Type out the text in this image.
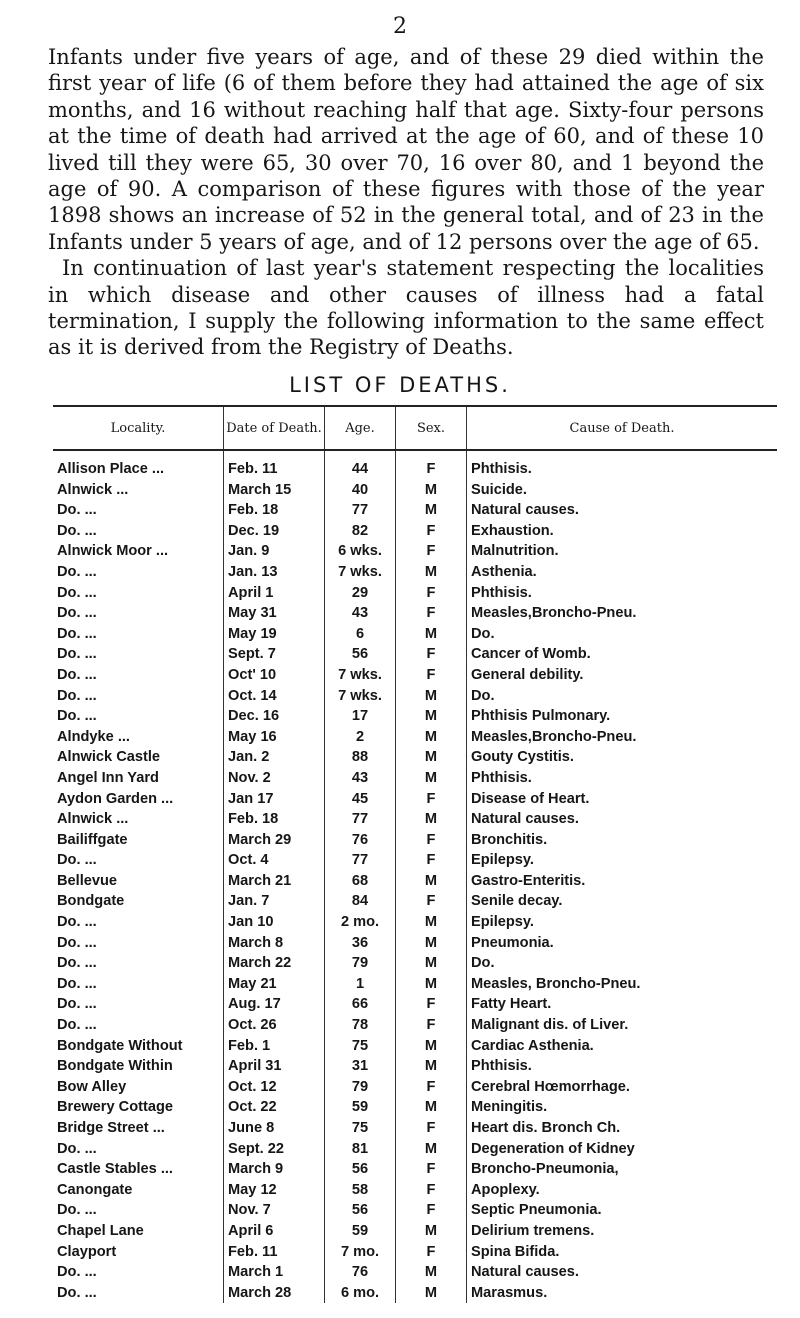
2

Infants under five years of age, and of these 29 died within the first year of life (6 of them before they had attained the age of six months, and 16 without reaching half that age. Sixty-four persons at the time of death had arrived at the age of 60, and of these 10 lived till they were 65, 30 over 70, 16 over 80, and 1 beyond the age of 90. A comparison of these figures with those of the year 1898 shows an increase of 52 in the general total, and of 23 in the Infants under 5 years of age, and of 12 persons over the age of 65.

In continuation of last year's statement respecting the localities in which disease and other causes of illness had a fatal termination, I supply the following information to the same effect as it is derived from the Registry of Deaths.

LIST OF DEATHS.
Locality.	Date of Death.	Age.	Sex.	Cause of Death.
Allison Place ...	Feb. 11	44	F	Phthisis.
Alnwick ...	March 15	40	M	Suicide.
Do. ...	Feb. 18	77	M	Natural causes.
Do. ...	Dec. 19	82	F	Exhaustion.
Alnwick Moor ...	Jan. 9	6 wks.	F	Malnutrition.
Do. ...	Jan. 13	7 wks.	M	Asthenia.
Do. ...	April 1	29	F	Phthisis.
Do. ...	May 31	43	F	Measles,Broncho-Pneu.
Do. ...	May 19	6	M	Do.
Do. ...	Sept. 7	56	F	Cancer of Womb.
Do. ...	Oct' 10	7 wks.	F	General debility.
Do. ...	Oct. 14	7 wks.	M	Do.
Do. ...	Dec. 16	17	M	Phthisis Pulmonary.
Alndyke ...	May 16	2	M	Measles,Broncho-Pneu.
Alnwick Castle	Jan. 2	88	M	Gouty Cystitis.
Angel Inn Yard	Nov. 2	43	M	Phthisis.
Aydon Garden ...	Jan 17	45	F	Disease of Heart.
Alnwick ...	Feb. 18	77	M	Natural causes.
Bailiffgate	March 29	76	F	Bronchitis.
Do. ...	Oct. 4	77	F	Epilepsy.
Bellevue	March 21	68	M	Gastro-Enteritis.
Bondgate	Jan. 7	84	F	Senile decay.
Do. ...	Jan 10	2 mo.	M	Epilepsy.
Do. ...	March 8	36	M	Pneumonia.
Do. ...	March 22	79	M	Do.
Do. ...	May 21	1	M	Measles, Broncho-Pneu.
Do. ...	Aug. 17	66	F	Fatty Heart.
Do. ...	Oct. 26	78	F	Malignant dis. of Liver.
Bondgate Without	Feb. 1	75	M	Cardiac Asthenia.
Bondgate Within	April 31	31	M	Phthisis.
Bow Alley	Oct. 12	79	F	Cerebral Hœmorrhage.
Brewery Cottage	Oct. 22	59	M	Meningitis.
Bridge Street ...	June 8	75	F	Heart dis. Bronch Ch.
Do. ...	Sept. 22	81	M	Degeneration of Kidney
Castle Stables ...	March 9	56	F	Broncho-Pneumonia,
Canongate	May 12	58	F	Apoplexy.
Do. ...	Nov. 7	56	F	Septic Pneumonia.
Chapel Lane	April 6	59	M	Delirium tremens.
Clayport	Feb. 11	7 mo.	F	Spina Bifida.
Do. ...	March 1	76	M	Natural causes.
Do. ...	March 28	6 mo.	M	Marasmus.
